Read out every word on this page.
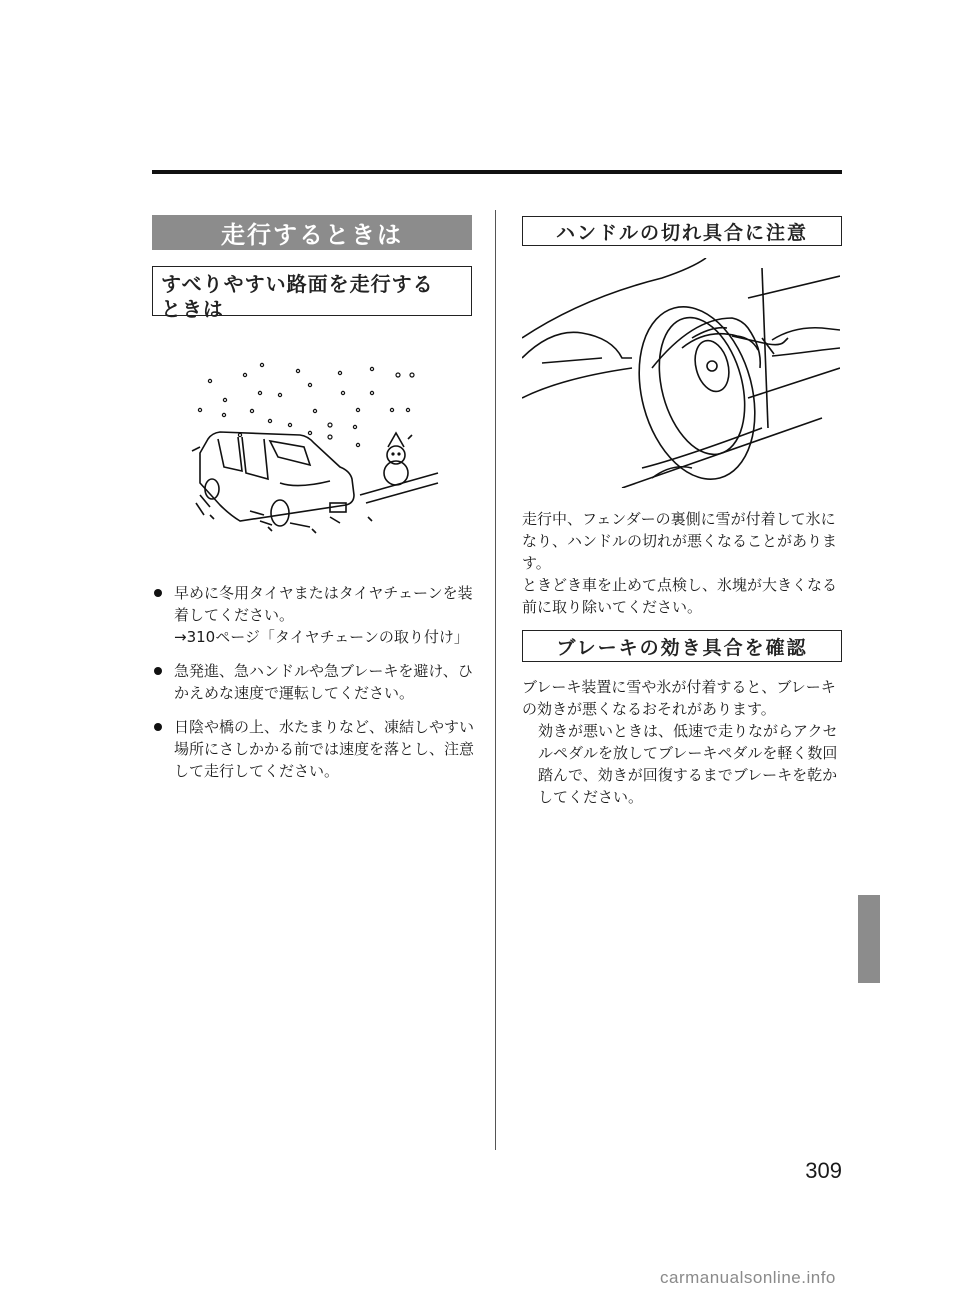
走行するときは
すべりやすい路面を走行する
ときは
早めに冬用タイヤまたはタイヤチェーンを装着してください。
→310ページ「タイヤチェーンの取り付け」
急発進、急ハンドルや急ブレーキを避け、ひかえめな速度で運転してください。
日陰や橋の上、水たまりなど、凍結しやすい場所にさしかかる前では速度を落とし、注意して走行してください。
ハンドルの切れ具合に注意
走行中、フェンダーの裏側に雪が付着して氷になり、ハンドルの切れが悪くなることがあります。
ときどき車を止めて点検し、氷塊が大きくなる前に取り除いてください。
ブレーキの効き具合を確認
ブレーキ装置に雪や氷が付着すると、ブレーキの効きが悪くなるおそれがあります。
効きが悪いときは、低速で走りながらアクセルペダルを放してブレーキペダルを軽く数回踏んで、効きが回復するまでブレーキを乾かしてください。
309
carmanualsonline.info
